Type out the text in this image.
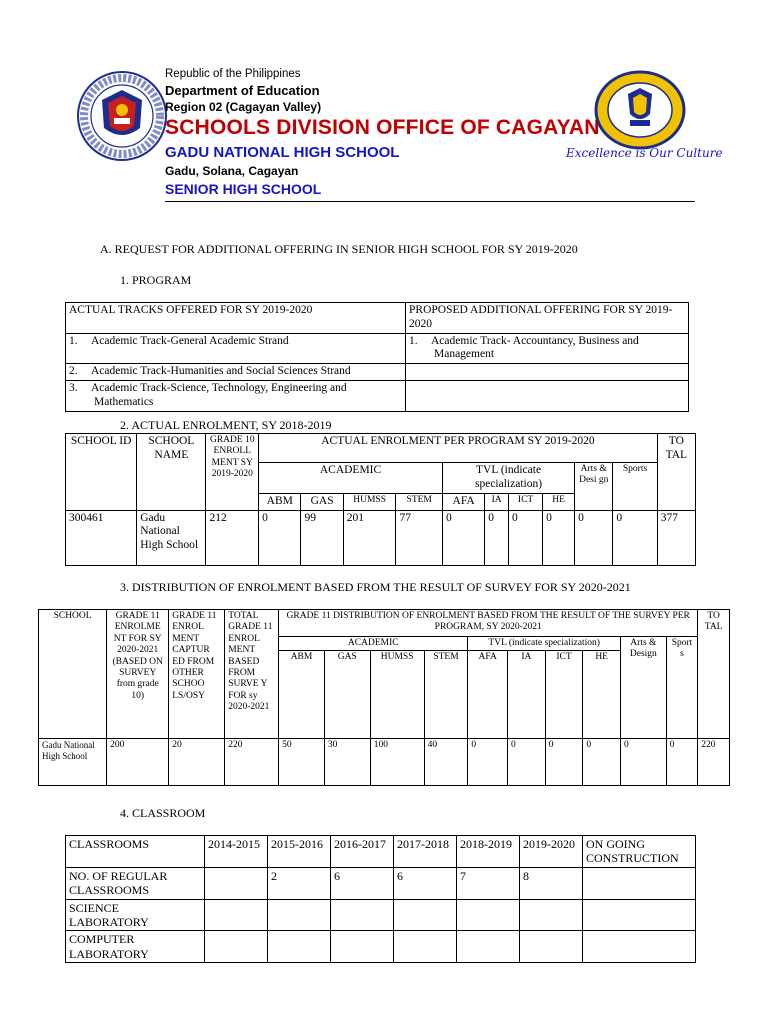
Republic of the Philippines
Department of Education
Region 02 (Cagayan Valley)
SCHOOLS DIVISION OFFICE OF CAGAYAN
GADU NATIONAL HIGH SCHOOL
Gadu, Solana, Cagayan
SENIOR HIGH SCHOOL
Excellence is Our Culture
A. REQUEST FOR ADDITIONAL OFFERING IN SENIOR HIGH SCHOOL FOR SY 2019-2020
1. PROGRAM
ACTUAL TRACKS OFFERED FOR SY 2019-2020	PROPOSED ADDITIONAL OFFERING FOR SY 2019-2020
1. Academic Track-General Academic Strand	1. Academic Track- Accountancy, Business and Management

2. Academic Track-Humanities and Social Sciences Strand	

3. Academic Track-Science, Technology, Engineering and Mathematics	

2. ACTUAL ENROLMENT, SY 2018-2019
SCHOOL ID	SCHOOL NAME	GRADE 10 ENROLL MENT SY 2019-2020	ACTUAL ENROLMENT PER PROGRAM SY 2019-2020										TO TAL
			ACADEMIC				TVL (indicate specialization)				Arts & Desi gn	Sports	
			ABM	GAS	HUMSS	STEM	AFA	IA	ICT	HE			
300461	Gadu National High School	212	0	99	201	77	0	0	0	0	0	0	377
3. DISTRIBUTION OF ENROLMENT BASED FROM THE RESULT OF SURVEY FOR SY 2020-2021
SCHOOL	GRADE 11 ENROLME NT FOR SY 2020-2021 (BASED ON SURVEY from grade 10)	GRADE 11 ENROL MENT CAPTUR ED FROM OTHER SCHOO LS/OSY	TOTAL GRADE 11 ENROL MENT BASED FROM SURVE Y FOR sy 2020-2021	GRADE 11 DISTRIBUTION OF ENROLMENT BASED FROM THE RESULT OF THE SURVEY PER PROGRAM, SY 2020-2021										TO TAL
				ACADEMIC				TVL (indicate specialization)				Arts & Design	Sport s	
				ABM	GAS	HUMSS	STEM	AFA	IA	ICT	HE			
Gadu National High School	200	20	220	50	30	100	40	0	0	0	0	0	0	220
4. CLASSROOM
CLASSROOMS	2014-2015	2015-2016	2016-2017	2017-2018	2018-2019	2019-2020	ON GOING CONSTRUCTION
NO. OF REGULAR CLASSROOMS		2	6	6	7	8	
SCIENCE LABORATORY							
COMPUTER LABORATORY							
